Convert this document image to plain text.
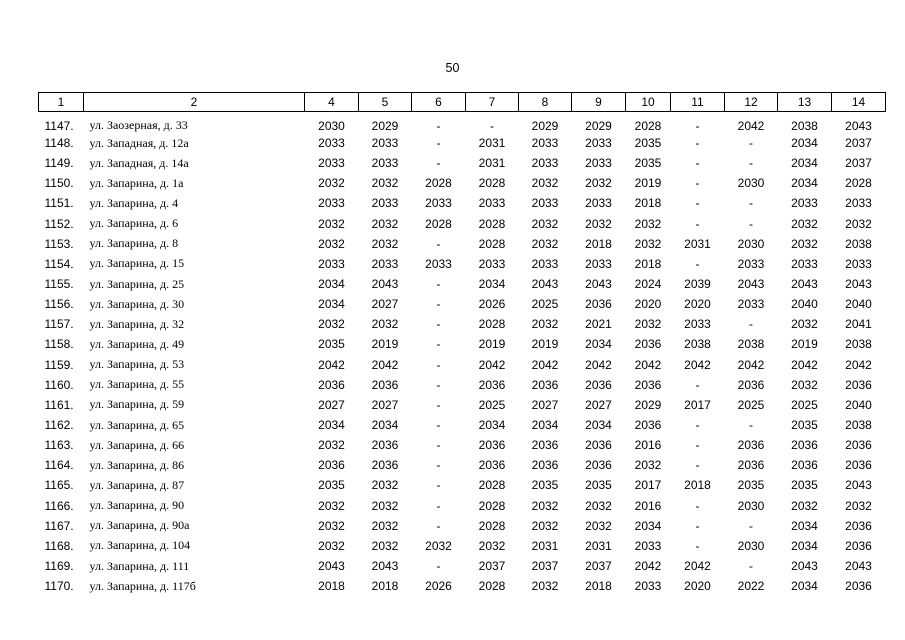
50
1	2	4	5	6	7	8	9	10	11	12	13	14
1147.	ул. Заозерная, д. 33	2030	2029	-	-	2029	2029	2028	-	2042	2038	2043
1148.	ул. Западная, д. 12а	2033	2033	-	2031	2033	2033	2035	-	-	2034	2037
1149.	ул. Западная, д. 14а	2033	2033	-	2031	2033	2033	2035	-	-	2034	2037
1150.	ул. Запарина, д. 1а	2032	2032	2028	2028	2032	2032	2019	-	2030	2034	2028
1151.	ул. Запарина, д. 4	2033	2033	2033	2033	2033	2033	2018	-	-	2033	2033
1152.	ул. Запарина, д. 6	2032	2032	2028	2028	2032	2032	2032	-	-	2032	2032
1153.	ул. Запарина, д. 8	2032	2032	-	2028	2032	2018	2032	2031	2030	2032	2038
1154.	ул. Запарина, д. 15	2033	2033	2033	2033	2033	2033	2018	-	2033	2033	2033
1155.	ул. Запарина, д. 25	2034	2043	-	2034	2043	2043	2024	2039	2043	2043	2043
1156.	ул. Запарина, д. 30	2034	2027	-	2026	2025	2036	2020	2020	2033	2040	2040
1157.	ул. Запарина, д. 32	2032	2032	-	2028	2032	2021	2032	2033	-	2032	2041
1158.	ул. Запарина, д. 49	2035	2019	-	2019	2019	2034	2036	2038	2038	2019	2038
1159.	ул. Запарина, д. 53	2042	2042	-	2042	2042	2042	2042	2042	2042	2042	2042
1160.	ул. Запарина, д. 55	2036	2036	-	2036	2036	2036	2036	-	2036	2032	2036
1161.	ул. Запарина, д. 59	2027	2027	-	2025	2027	2027	2029	2017	2025	2025	2040
1162.	ул. Запарина, д. 65	2034	2034	-	2034	2034	2034	2036	-	-	2035	2038
1163.	ул. Запарина, д. 66	2032	2036	-	2036	2036	2036	2016	-	2036	2036	2036
1164.	ул. Запарина, д. 86	2036	2036	-	2036	2036	2036	2032	-	2036	2036	2036
1165.	ул. Запарина, д. 87	2035	2032	-	2028	2035	2035	2017	2018	2035	2035	2043
1166.	ул. Запарина, д. 90	2032	2032	-	2028	2032	2032	2016	-	2030	2032	2032
1167.	ул. Запарина, д. 90а	2032	2032	-	2028	2032	2032	2034	-	-	2034	2036
1168.	ул. Запарина, д. 104	2032	2032	2032	2032	2031	2031	2033	-	2030	2034	2036
1169.	ул. Запарина, д. 111	2043	2043	-	2037	2037	2037	2042	2042	-	2043	2043
1170.	ул. Запарина, д. 117б	2018	2018	2026	2028	2032	2018	2033	2020	2022	2034	2036
